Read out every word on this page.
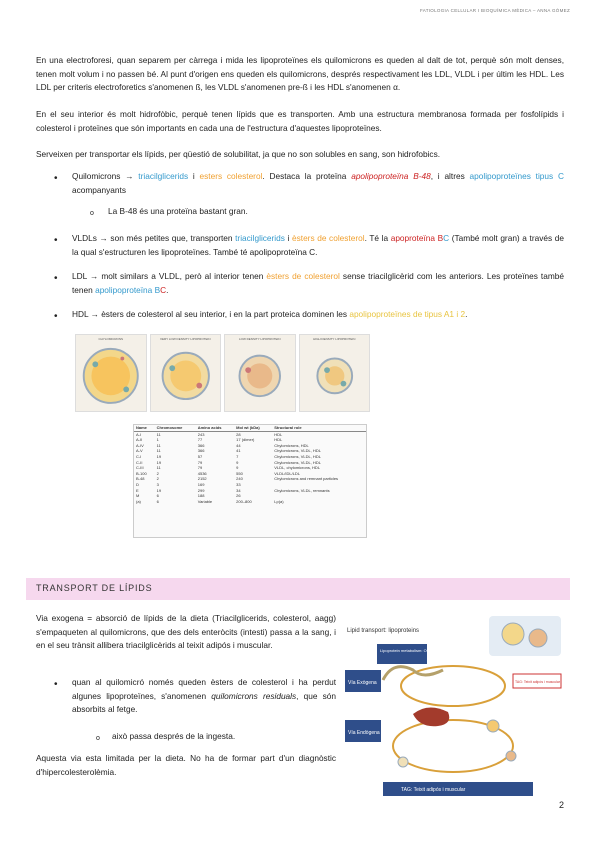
FATIOLOGIA CELLULAR I BIOQUÍMICA MÈDICA – ANNA GÓMEZ
En una electroforesi, quan separem per càrrega i mida les lipoproteïnes els quilomicrons es queden al dalt de tot, perquè són molt denses, tenen molt volum i no passen bé. Al punt d'origen ens queden els quilomicrons, després respectivament les LDL, VLDL i per últim les HDL. Les LDL per criteris electroforetics s'anomenen ß, les VLDL s'anomenen pre-ß i les HDL s'anomenen α.
En el seu interior és molt hidrofòbic, perquè tenen lípids que es transporten. Amb una estructura membranosa formada per fosfolípids i colesterol i proteïnes que són importants en cada una de l'estructura d'aquestes lipoproteïnes.
Serveixen per transportar els lípids, per qüestió de solubilitat, ja que no son solubles en sang, son hidrofobics.
• Quilomicrons → triacilglicerids i esters colesterol. Destaca la proteïna apolipoproteïna B-48, i altres apolipoproteïnes tipus C acompanyants
o La B-48 és una proteïna bastant gran.
• VLDLs → son més petites que, transporten triacilglicerids i èsters de colesterol. Té la apoproteïna BC (També molt gran) a través de la qual s'estructuren les lipoproteïnes. També té apolipoproteïna C.
• LDL → molt similars a VLDL, però al interior tenen èsters de colesterol sense triacilglicèrid com les anteriors. Les proteïnes també tenen apolipoproteïna BC.
• HDL → èsters de colesterol al seu interior, i en la part proteica dominen les apolipoproteïnes de tipus A1 i 2.
CHYLOMICRONS	VERY LOW DENSITY LIPOPROTEIN	LOW DENSITY LIPOPROTEIN	HIGH DENSITY LIPOPROTEIN
Name	Chromosome	Amino acids	Mol wt (kDa)	Structural role
A-I	11	243	28	HDL
A-II	1	77	17 (dimer)	HDL
A-IV	11	366	44	Chylomicrons, HDL
A-V	11	366	41	Chylomicrons, VLDL, HDL
C-I	19	57	7	Chylomicrons, VLDL, HDL
C-II	19	79	9	Chylomicrons, VLDL, HDL
C-III	11	79	9	VLDL, chylomicrons, HDL
B-100	2	4536	550	VLDL/IDL/LDL
B-48	2	2152	240	Chylomicrons and remnant particles
D	3	169	33	
E	19	299	34	Chylomicrons, VLDL, remnants
M	6	188	26	
(a)	6	Variable	200–800	Lp(a)
TRANSPORT DE LÍPIDS
Via exogena = absorció de lípids de la dieta (Triacilglicerids, colesterol, aagg) s'empaqueten al quilomicrons, que des dels enteròcits (intesti) passa a la sang, i en el seu trànsit allibera triacilglicèrids al teixit adipós i muscular.
• quan al quilomicró només queden èsters de colesterol i ha perdut algunes lipoproteïnes, s'anomenen quilomicrons residuals, que són absorbits al fetge.
o això passa després de la ingesta.
Aquesta via esta limitada per la dieta. No ha de formar part d'un diagnòstic d'hipercolesterolèmia.
Lipid transport: lipoproteins
Lipoprotein metabolism: Overview
Vía Exògena
Vía Endògena
TAG: Teixit adipós i muscular
TAG: Teixit adipós i muscular
2
